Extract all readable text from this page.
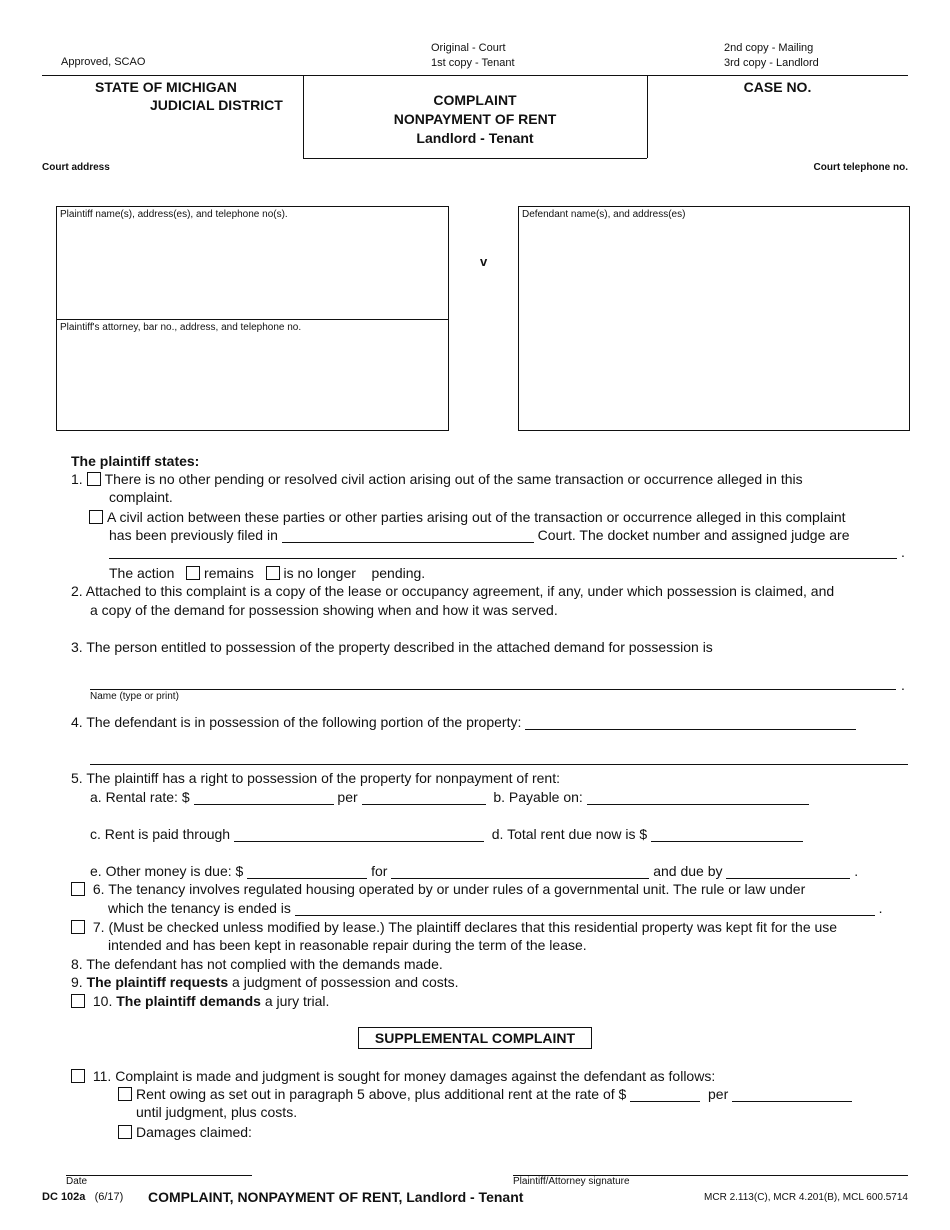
Approved, SCAO
Original - Court
1st copy - Tenant
2nd copy - Mailing
3rd copy - Landlord
STATE OF MICHIGAN
JUDICIAL DISTRICT	COMPLAINT
NONPAYMENT OF RENT
Landlord - Tenant
CASE NO.
Court address	Court telephone no.
Plaintiff name(s), address(es), and telephone no(s).
Plaintiff's attorney, bar no., address, and telephone no.
v
Defendant name(s), and address(es)
The plaintiff states:
1. There is no other pending or resolved civil action arising out of the same transaction or occurrence alleged in this
complaint.
A civil action between these parties or other parties arising out of the transaction or occurrence alleged in this complaint
has been previously filed in	Court. The docket number and assigned judge are
.
The action remains is no longer pending.
2. Attached to this complaint is a copy of the lease or occupancy agreement, if any, under which possession is claimed, and
a copy of the demand for possession showing when and how it was served.
3. The person entitled to possession of the property described in the attached demand for possession is
.
Name (type or print)
4. The defendant is in possession of the following portion of the property:
5. The plaintiff has a right to possession of the property for nonpayment of rent:
a. Rental rate: $	per	b. Payable on:
c. Rent is paid through	d. Total rent due now is $
e. Other money is due: $	for	and due by	.
6. The tenancy involves regulated housing operated by or under rules of a governmental unit. The rule or law under
which the tenancy is ended is	.
7. (Must be checked unless modified by lease.) The plaintiff declares that this residential property was kept fit for the use
intended and has been kept in reasonable repair during the term of the lease.
8. The defendant has not complied with the demands made.
9. The plaintiff requests a judgment of possession and costs.
10. The plaintiff demands a jury trial.
SUPPLEMENTAL COMPLAINT
11. Complaint is made and judgment is sought for money damages against the defendant as follows:
Rent owing as set out in paragraph 5 above, plus additional rent at the rate of $	per
until judgment, plus costs.
Damages claimed:
Date	Plaintiff/Attorney signature
DC 102a (6/17) COMPLAINT, NONPAYMENT OF RENT, Landlord - Tenant	MCR 2.113(C), MCR 4.201(B), MCL 600.5714
